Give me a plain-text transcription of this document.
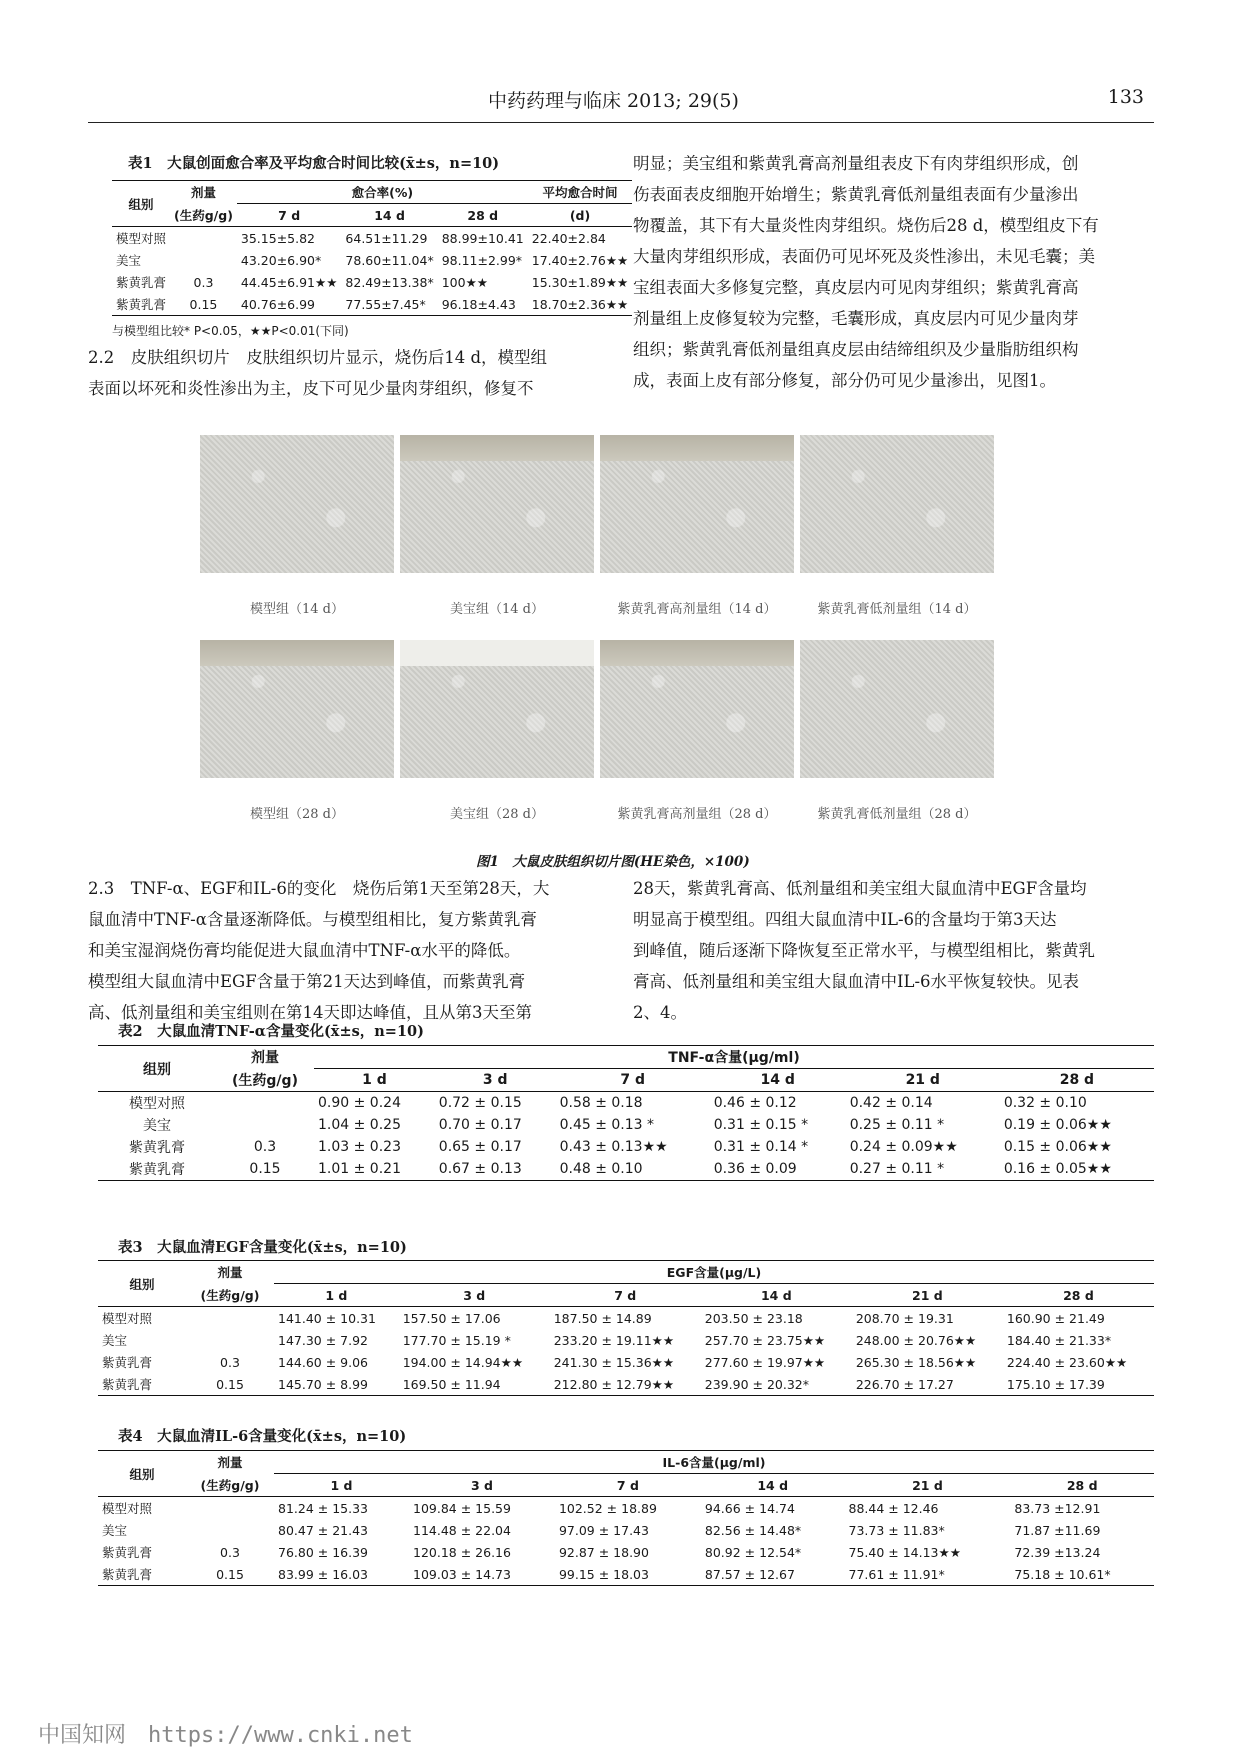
中药药理与临床 2013; 29(5)	133
表1　大鼠创面愈合率及平均愈合时间比较(x̄±s，n=10)
组别	剂量	愈合率(%)			平均愈合时间
	(生药g/g)	7 d	14 d	28 d	(d)
模型对照		35.15±5.82	64.51±11.29	88.99±10.41	22.40±2.84
美宝		43.20±6.90*	78.60±11.04*	98.11±2.99*	17.40±2.76★★
紫黄乳膏	0.3	44.45±6.91★★	82.49±13.38*	100★★	15.30±1.89★★
紫黄乳膏	0.15	40.76±6.99	77.55±7.45*	96.18±4.43	18.70±2.36★★
与模型组比较* P<0.05，★★P<0.01(下同)
2.2　皮肤组织切片　皮肤组织切片显示，烧伤后14 d，模型组
表面以坏死和炎性渗出为主，皮下可见少量肉芽组织，修复不
明显；美宝组和紫黄乳膏高剂量组表皮下有肉芽组织形成，创
伤表面表皮细胞开始增生；紫黄乳膏低剂量组表面有少量渗出
物覆盖，其下有大量炎性肉芽组织。烧伤后28 d，模型组皮下有
大量肉芽组织形成，表面仍可见坏死及炎性渗出，未见毛囊；美
宝组表面大多修复完整，真皮层内可见肉芽组织；紫黄乳膏高
剂量组上皮修复较为完整，毛囊形成，真皮层内可见少量肉芽
组织；紫黄乳膏低剂量组真皮层由结缔组织及少量脂肪组织构
成，表面上皮有部分修复，部分仍可见少量渗出，见图1。
模型组（14 d）	美宝组（14 d）	紫黄乳膏高剂量组（14 d）	紫黄乳膏低剂量组（14 d）
模型组（28 d）	美宝组（28 d）	紫黄乳膏高剂量组（28 d）	紫黄乳膏低剂量组（28 d）
图1　大鼠皮肤组织切片图(HE染色，×100)
2.3　TNF-α、EGF和IL-6的变化　烧伤后第1天至第28天，大
鼠血清中TNF-α含量逐渐降低。与模型组相比，复方紫黄乳膏
和美宝湿润烧伤膏均能促进大鼠血清中TNF-α水平的降低。
模型组大鼠血清中EGF含量于第21天达到峰值，而紫黄乳膏
高、低剂量组和美宝组则在第14天即达峰值，且从第3天至第
28天，紫黄乳膏高、低剂量组和美宝组大鼠血清中EGF含量均
明显高于模型组。四组大鼠血清中IL-6的含量均于第3天达
到峰值，随后逐渐下降恢复至正常水平，与模型组相比，紫黄乳
膏高、低剂量组和美宝组大鼠血清中IL-6水平恢复较快。见表
2、4。
表2　大鼠血清TNF-α含量变化(x̄±s，n=10)
组别	剂量	TNF-α含量(μg/ml)					
	(生药g/g)	1 d	3 d	7 d	14 d	21 d	28 d
模型对照		0.90 ± 0.24	0.72 ± 0.15	0.58 ± 0.18	0.46 ± 0.12	0.42 ± 0.14	0.32 ± 0.10
美宝		1.04 ± 0.25	0.70 ± 0.17	0.45 ± 0.13 *	0.31 ± 0.15 *	0.25 ± 0.11 *	0.19 ± 0.06★★
紫黄乳膏	0.3	1.03 ± 0.23	0.65 ± 0.17	0.43 ± 0.13★★	0.31 ± 0.14 *	0.24 ± 0.09★★	0.15 ± 0.06★★
紫黄乳膏	0.15	1.01 ± 0.21	0.67 ± 0.13	0.48 ± 0.10	0.36 ± 0.09	0.27 ± 0.11 *	0.16 ± 0.05★★
表3　大鼠血清EGF含量变化(x̄±s，n=10)
组别	剂量	EGF含量(μg/L)					
	(生药g/g)	1 d	3 d	7 d	14 d	21 d	28 d
模型对照		141.40 ± 10.31	157.50 ± 17.06	187.50 ± 14.89	203.50 ± 23.18	208.70 ± 19.31	160.90 ± 21.49
美宝		147.30 ± 7.92	177.70 ± 15.19 *	233.20 ± 19.11★★	257.70 ± 23.75★★	248.00 ± 20.76★★	184.40 ± 21.33*
紫黄乳膏	0.3	144.60 ± 9.06	194.00 ± 14.94★★	241.30 ± 15.36★★	277.60 ± 19.97★★	265.30 ± 18.56★★	224.40 ± 23.60★★
紫黄乳膏	0.15	145.70 ± 8.99	169.50 ± 11.94	212.80 ± 12.79★★	239.90 ± 20.32*	226.70 ± 17.27	175.10 ± 17.39
表4　大鼠血清IL-6含量变化(x̄±s，n=10)
组别	剂量	IL-6含量(μg/ml)					
	(生药g/g)	1 d	3 d	7 d	14 d	21 d	28 d
模型对照		81.24 ± 15.33	109.84 ± 15.59	102.52 ± 18.89	94.66 ± 14.74	88.44 ± 12.46	83.73 ±12.91
美宝		80.47 ± 21.43	114.48 ± 22.04	97.09 ± 17.43	82.56 ± 14.48*	73.73 ± 11.83*	71.87 ±11.69
紫黄乳膏	0.3	76.80 ± 16.39	120.18 ± 26.16	92.87 ± 18.90	80.92 ± 12.54*	75.40 ± 14.13★★	72.39 ±13.24
紫黄乳膏	0.15	83.99 ± 16.03	109.03 ± 14.73	99.15 ± 18.03	87.57 ± 12.67	77.61 ± 11.91*	75.18 ± 10.61*
中国知网　https://www.cnki.net
